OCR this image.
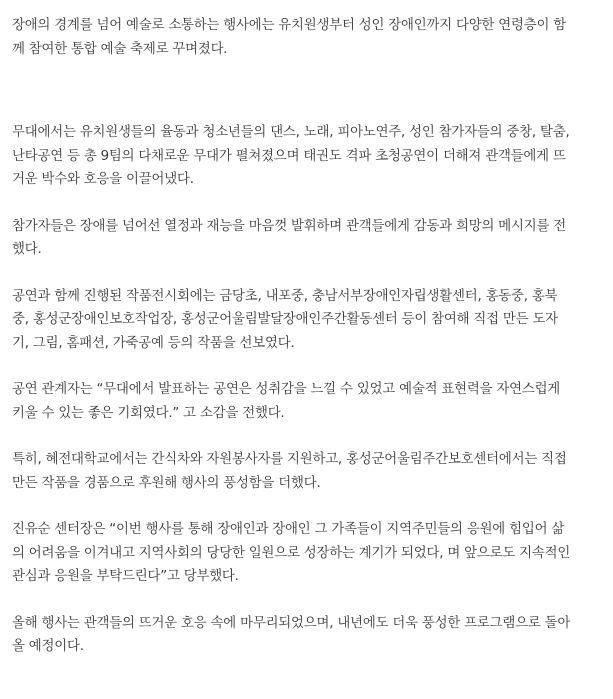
장애의 경계를 넘어 예술로 소통하는 행사에는 유치원생부터 성인 장애인까지 다양한 연령층이 함
께 참여한 통합 예술 축제로 꾸며졌다.

무대에서는 유치원생들의 율동과 청소년들의 댄스, 노래, 피아노연주, 성인 참가자들의 중창, 탈춤,
난타공연 등 총 9팀의 다채로운 무대가 펼쳐졌으며 태권도 격파 초청공연이 더해져 관객들에게 뜨
거운 박수와 호응을 이끌어냈다.

참가자들은 장애를 넘어선 열정과 재능을 마음껏 발휘하며 관객들에게 감동과 희망의 메시지를 전
했다.

공연과 함께 진행된 작품전시회에는 금당초, 내포중, 충남서부장애인자립생활센터, 홍동중, 홍북
중, 홍성군장애인보호작업장, 홍성군어울림발달장애인주간활동센터 등이 참여해 직접 만든 도자
기, 그림, 홈패션, 가죽공예 등의 작품을 선보였다.

공연 관계자는 “무대에서 발표하는 공연은 성취감을 느낄 수 있었고 예술적 표현력을 자연스럽게
키울 수 있는 좋은 기회였다.” 고 소감을 전했다.

특히, 혜전대학교에서는 간식차와 자원봉사자를 지원하고, 홍성군어울림주간보호센터에서는 직접
만든 작품을 경품으로 후원해 행사의 풍성함을 더했다.

진유순 센터장은 “이번 행사를 통해 장애인과 장애인 그 가족들이 지역주민들의 응원에 힘입어 삶
의 어려움을 이겨내고 지역사회의 당당한 일원으로 성장하는 계기가 되었다, 며 앞으로도 지속적인
관심과 응원을 부탁드린다”고 당부했다.

올해 행사는 관객들의 뜨거운 호응 속에 마무리되었으며, 내년에도 더욱 풍성한 프로그램으로 돌아
올 예정이다.
